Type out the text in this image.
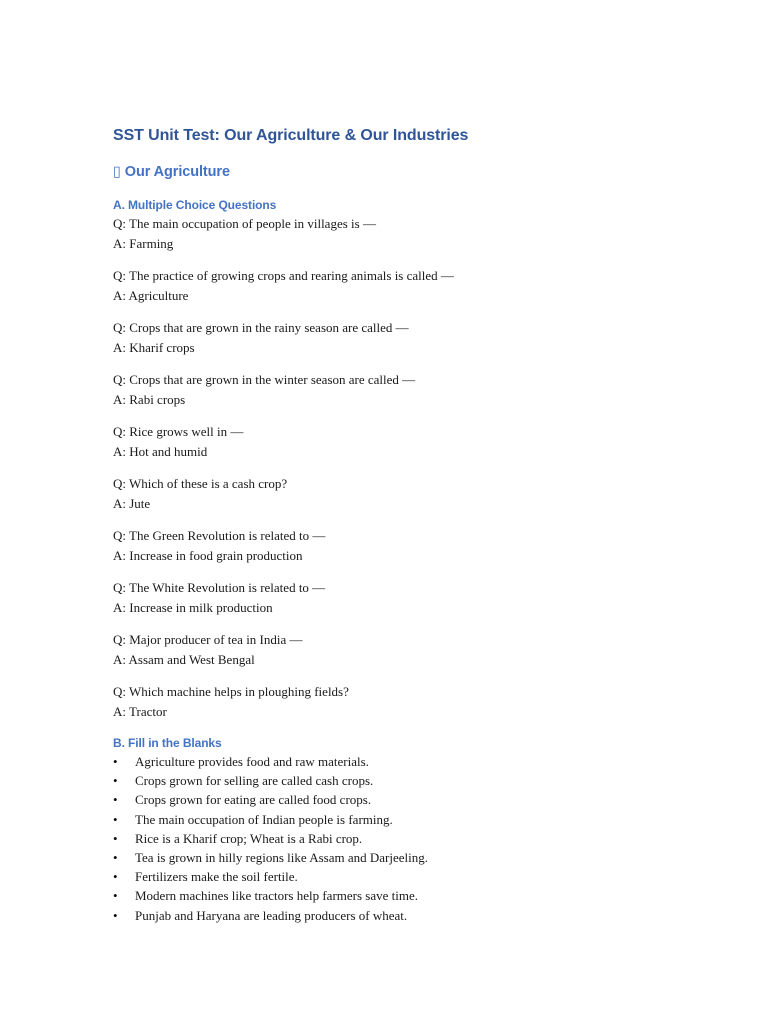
SST Unit Test: Our Agriculture & Our Industries
▯ Our Agriculture
A. Multiple Choice Questions

Q: The main occupation of people in villages is —

A: Farming

Q: The practice of growing crops and rearing animals is called —

A: Agriculture

Q: Crops that are grown in the rainy season are called —

A: Kharif crops

Q: Crops that are grown in the winter season are called —

A: Rabi crops

Q: Rice grows well in —

A: Hot and humid

Q: Which of these is a cash crop?

A: Jute

Q: The Green Revolution is related to —

A: Increase in food grain production

Q: The White Revolution is related to —

A: Increase in milk production

Q: Major producer of tea in India —

A: Assam and West Bengal

Q: Which machine helps in ploughing fields?

A: Tractor

B. Fill in the Blanks
•	Agriculture provides food and raw materials.
•	Crops grown for selling are called cash crops.
•	Crops grown for eating are called food crops.
•	The main occupation of Indian people is farming.
•	Rice is a Kharif crop; Wheat is a Rabi crop.
•	Tea is grown in hilly regions like Assam and Darjeeling.
•	Fertilizers make the soil fertile.
•	Modern machines like tractors help farmers save time.
•	Punjab and Haryana are leading producers of wheat.
